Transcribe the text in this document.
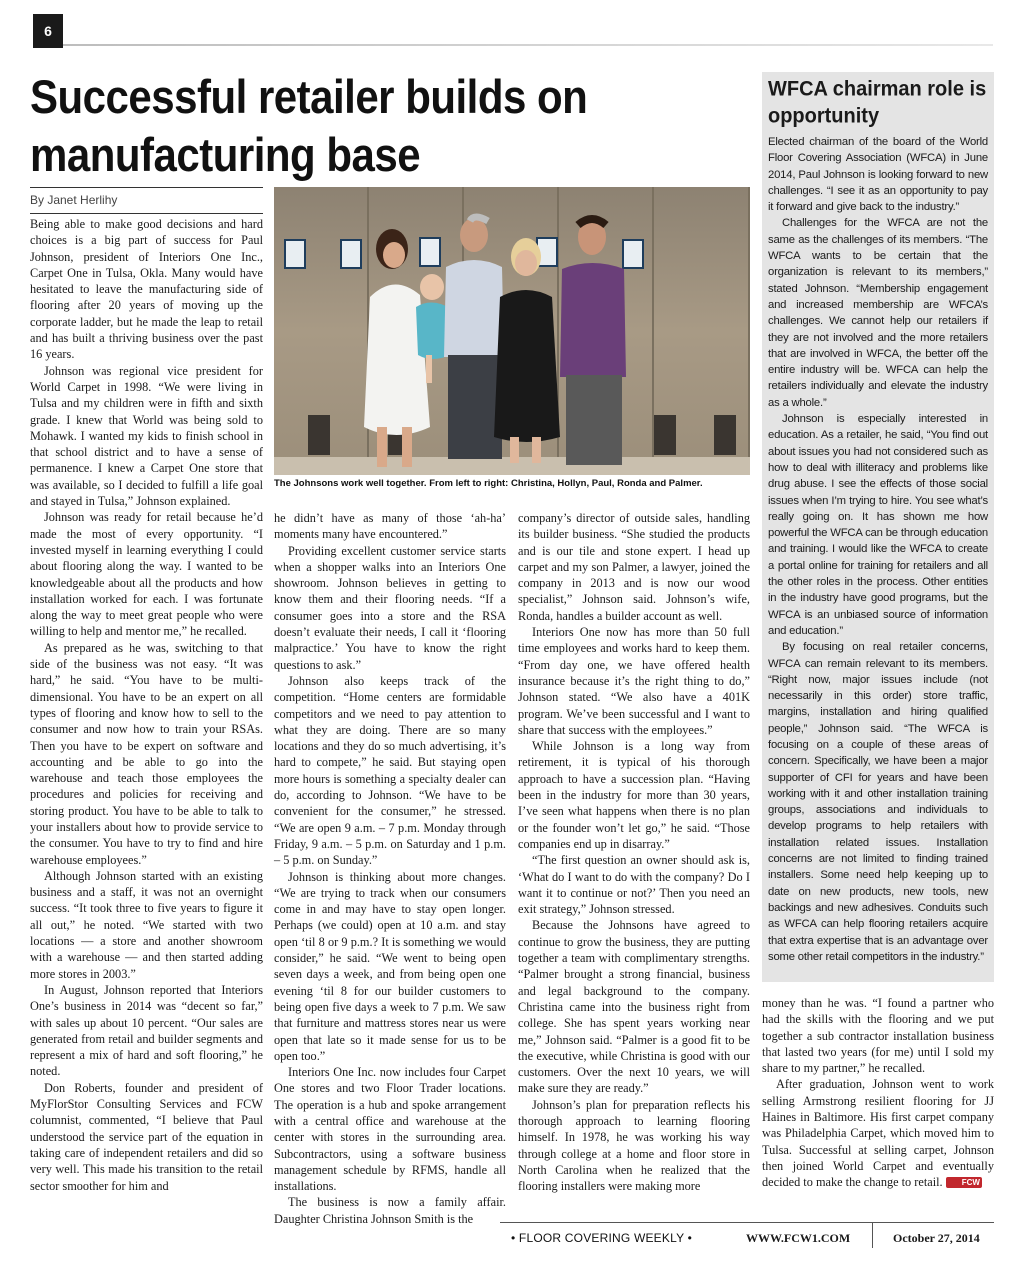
6
Successful retailer builds on manufacturing base
By Janet Herlihy

Being able to make good decisions and hard choices is a big part of success for Paul Johnson, president of Interiors One Inc., Carpet One in Tulsa, Okla. Many would have hesitated to leave the manufacturing side of flooring after 20 years of moving up the corporate ladder, but he made the leap to retail and has built a thriving business over the past 16 years.

Johnson was regional vice president for World Carpet in 1998. “We were living in Tulsa and my children were in fifth and sixth grade. I knew that World was being sold to Mohawk. I wanted my kids to finish school in that school district and to have a sense of permanence. I knew a Carpet One store that was available, so I decided to fulfill a life goal and stayed in Tulsa,” Johnson explained.

Johnson was ready for retail because he’d made the most of every opportunity. “I invested myself in learning everything I could about flooring along the way. I wanted to be knowledgeable about all the products and how installation worked for each. I was fortunate along the way to meet great people who were willing to help and mentor me,” he recalled.

As prepared as he was, switching to that side of the business was not easy. “It was hard,” he said. “You have to be multi-dimensional. You have to be an expert on all types of flooring and know how to sell to the consumer and now how to train your RSAs. Then you have to be expert on software and accounting and be able to go into the warehouse and teach those employees the procedures and policies for receiving and storing product. You have to be able to talk to your installers about how to provide service to the consumer. You have to try to find and hire warehouse employees.”

Although Johnson started with an existing business and a staff, it was not an overnight success. “It took three to five years to figure it all out,” he noted. “We started with two locations — a store and another showroom with a warehouse — and then started adding more stores in 2003.”

In August, Johnson reported that Interiors One’s business in 2014 was “decent so far,” with sales up about 10 percent. “Our sales are generated from retail and builder segments and represent a mix of hard and soft flooring,” he noted.

Don Roberts, founder and president of MyFlorStor Consulting Services and FCW columnist, commented, “I believe that Paul understood the service part of the equation in taking care of independent retailers and did so very well. This made his transition to the retail sector smoother for him and

The Johnsons work well together. From left to right: Christina, Hollyn, Paul, Ronda and Palmer.

he didn’t have as many of those ‘ah-ha’ moments many have encountered.”

Providing excellent customer service starts when a shopper walks into an Interiors One showroom. Johnson believes in getting to know them and their flooring needs. “If a consumer goes into a store and the RSA doesn’t evaluate their needs, I call it ‘flooring malpractice.’ You have to know the right questions to ask.”

Johnson also keeps track of the competition. “Home centers are formidable competitors and we need to pay attention to what they are doing. There are so many locations and they do so much advertising, it’s hard to compete,” he said. But staying open more hours is something a specialty dealer can do, according to Johnson. “We have to be convenient for the consumer,” he stressed. “We are open 9 a.m. – 7 p.m. Monday through Friday, 9 a.m. – 5 p.m. on Saturday and 1 p.m. – 5 p.m. on Sunday.”

Johnson is thinking about more changes. “We are trying to track when our consumers come in and may have to stay open longer. Perhaps (we could) open at 10 a.m. and stay open ‘til 8 or 9 p.m.? It is something we would consider,” he said. “We went to being open seven days a week, and from being open one evening ‘til 8 for our builder customers to being open five days a week to 7 p.m. We saw that furniture and mattress stores near us were open that late so it made sense for us to be open too.”

Interiors One Inc. now includes four Carpet One stores and two Floor Trader locations. The operation is a hub and spoke arrangement with a central office and warehouse at the center with stores in the surrounding area. Subcontractors, using a software business management schedule by RFMS, handle all installations.

The business is now a family affair. Daughter Christina Johnson Smith is the

company’s director of outside sales, handling its builder business. “She studied the products and is our tile and stone expert. I head up carpet and my son Palmer, a lawyer, joined the company in 2013 and is now our wood specialist,” Johnson said. Johnson’s wife, Ronda, handles a builder account as well.

Interiors One now has more than 50 full time employees and works hard to keep them. “From day one, we have offered health insurance because it’s the right thing to do,” Johnson stated. “We also have a 401K program. We’ve been successful and I want to share that success with the employees.”

While Johnson is a long way from retirement, it is typical of his thorough approach to have a succession plan. “Having been in the industry for more than 30 years, I’ve seen what happens when there is no plan or the founder won’t let go,” he said. “Those companies end up in disarray.”

“The first question an owner should ask is, ‘What do I want to do with the company? Do I want it to continue or not?’ Then you need an exit strategy,” Johnson stressed.

Because the Johnsons have agreed to continue to grow the business, they are putting together a team with complimentary strengths. “Palmer brought a strong financial, business and legal background to the company. Christina came into the business right from college. She has spent years working near me,” Johnson said. “Palmer is a good fit to be the executive, while Christina is good with our customers. Over the next 10 years, we will make sure they are ready.”

Johnson’s plan for preparation reflects his thorough approach to learning flooring himself. In 1978, he was working his way through college at a home and floor store in North Carolina when he realized that the flooring installers were making more

WFCA chairman role is opportunity

Elected chairman of the board of the World Floor Covering Association (WFCA) in June 2014, Paul Johnson is looking forward to new challenges. “I see it as an opportunity to pay it forward and give back to the industry.”

Challenges for the WFCA are not the same as the challenges of its members. “The WFCA wants to be certain that the organization is relevant to its members,” stated Johnson. “Membership engagement and increased membership are WFCA’s challenges. We cannot help our retailers if they are not involved and the more retailers that are involved in WFCA, the better off the entire industry will be. WFCA can help the retailers individually and elevate the industry as a whole.”

Johnson is especially interested in education. As a retailer, he said, “You find out about issues you had not considered such as how to deal with illiteracy and problems like drug abuse. I see the effects of those social issues when I’m trying to hire. You see what’s really going on. It has shown me how powerful the WFCA can be through education and training. I would like the WFCA to create a portal online for training for retailers and all the other roles in the process. Other entities in the industry have good programs, but the WFCA is an unbiased source of information and education.”

By focusing on real retailer concerns, WFCA can remain relevant to its members. “Right now, major issues include (not necessarily in this order) store traffic, margins, installation and hiring qualified people,” Johnson said. “The WFCA is focusing on a couple of these areas of concern. Specifically, we have been a major supporter of CFI for years and have been working with it and other installation training groups, associations and individuals to develop programs to help retailers with installation related issues. Installation concerns are not limited to finding trained installers. Some need help keeping up to date on new products, new tools, new backings and new adhesives. Conduits such as WFCA can help flooring retailers acquire that extra expertise that is an advantage over some other retail competitors in the industry.”

money than he was. “I found a partner who had the skills with the flooring and we put together a sub contractor installation business that lasted two years (for me) until I sold my share to my partner,” he recalled.

After graduation, Johnson went to work selling Armstrong resilient flooring for JJ Haines in Baltimore. His first carpet company was Philadelphia Carpet, which moved him to Tulsa. Successful at selling carpet, Johnson then joined World Carpet and eventually decided to make the change to retail. FCW

• FLOOR COVERING WEEKLY •	WWW.FCW1.COM	October 27, 2014
